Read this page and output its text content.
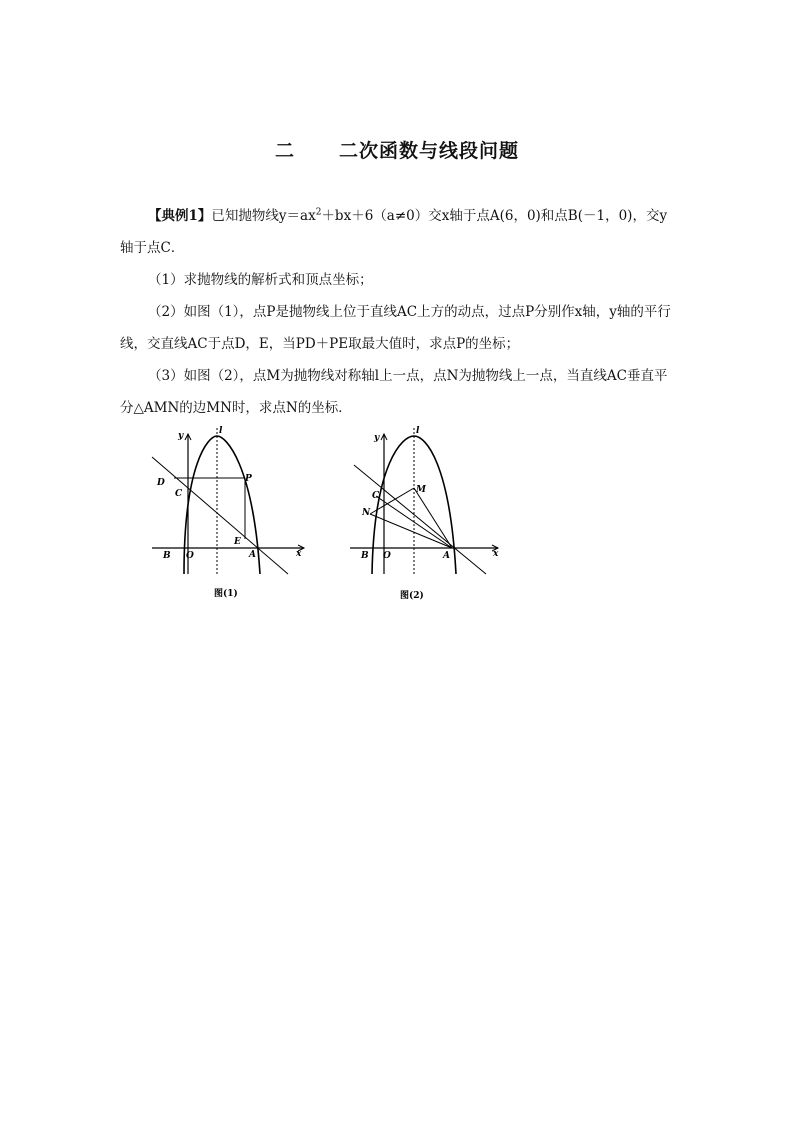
二 二次函数与线段问题
【典例1】已知抛物线$y=ax^2+bx+6(a\ne 0)$交x轴于点A(6，0)和点B(－1，0)，交y轴于点C．
（1）求抛物线的解析式和顶点坐标；
（2）如图（1），点P是抛物线上位于直线AC上方的动点，过点P分别作x轴，y轴的平行线，交直线AC于点D，E，当PD＋PE取最大值时，求点P的坐标；
（3）如图（2），点M为抛物线对称轴l上一点，点N为抛物线上一点，当直线AC垂直平分△AMN的边MN时，求点N的坐标．
y
x
l
D
C
P
E
B O	A
图(1)
y
x
l
C
M
N
B O	A
图(2)
